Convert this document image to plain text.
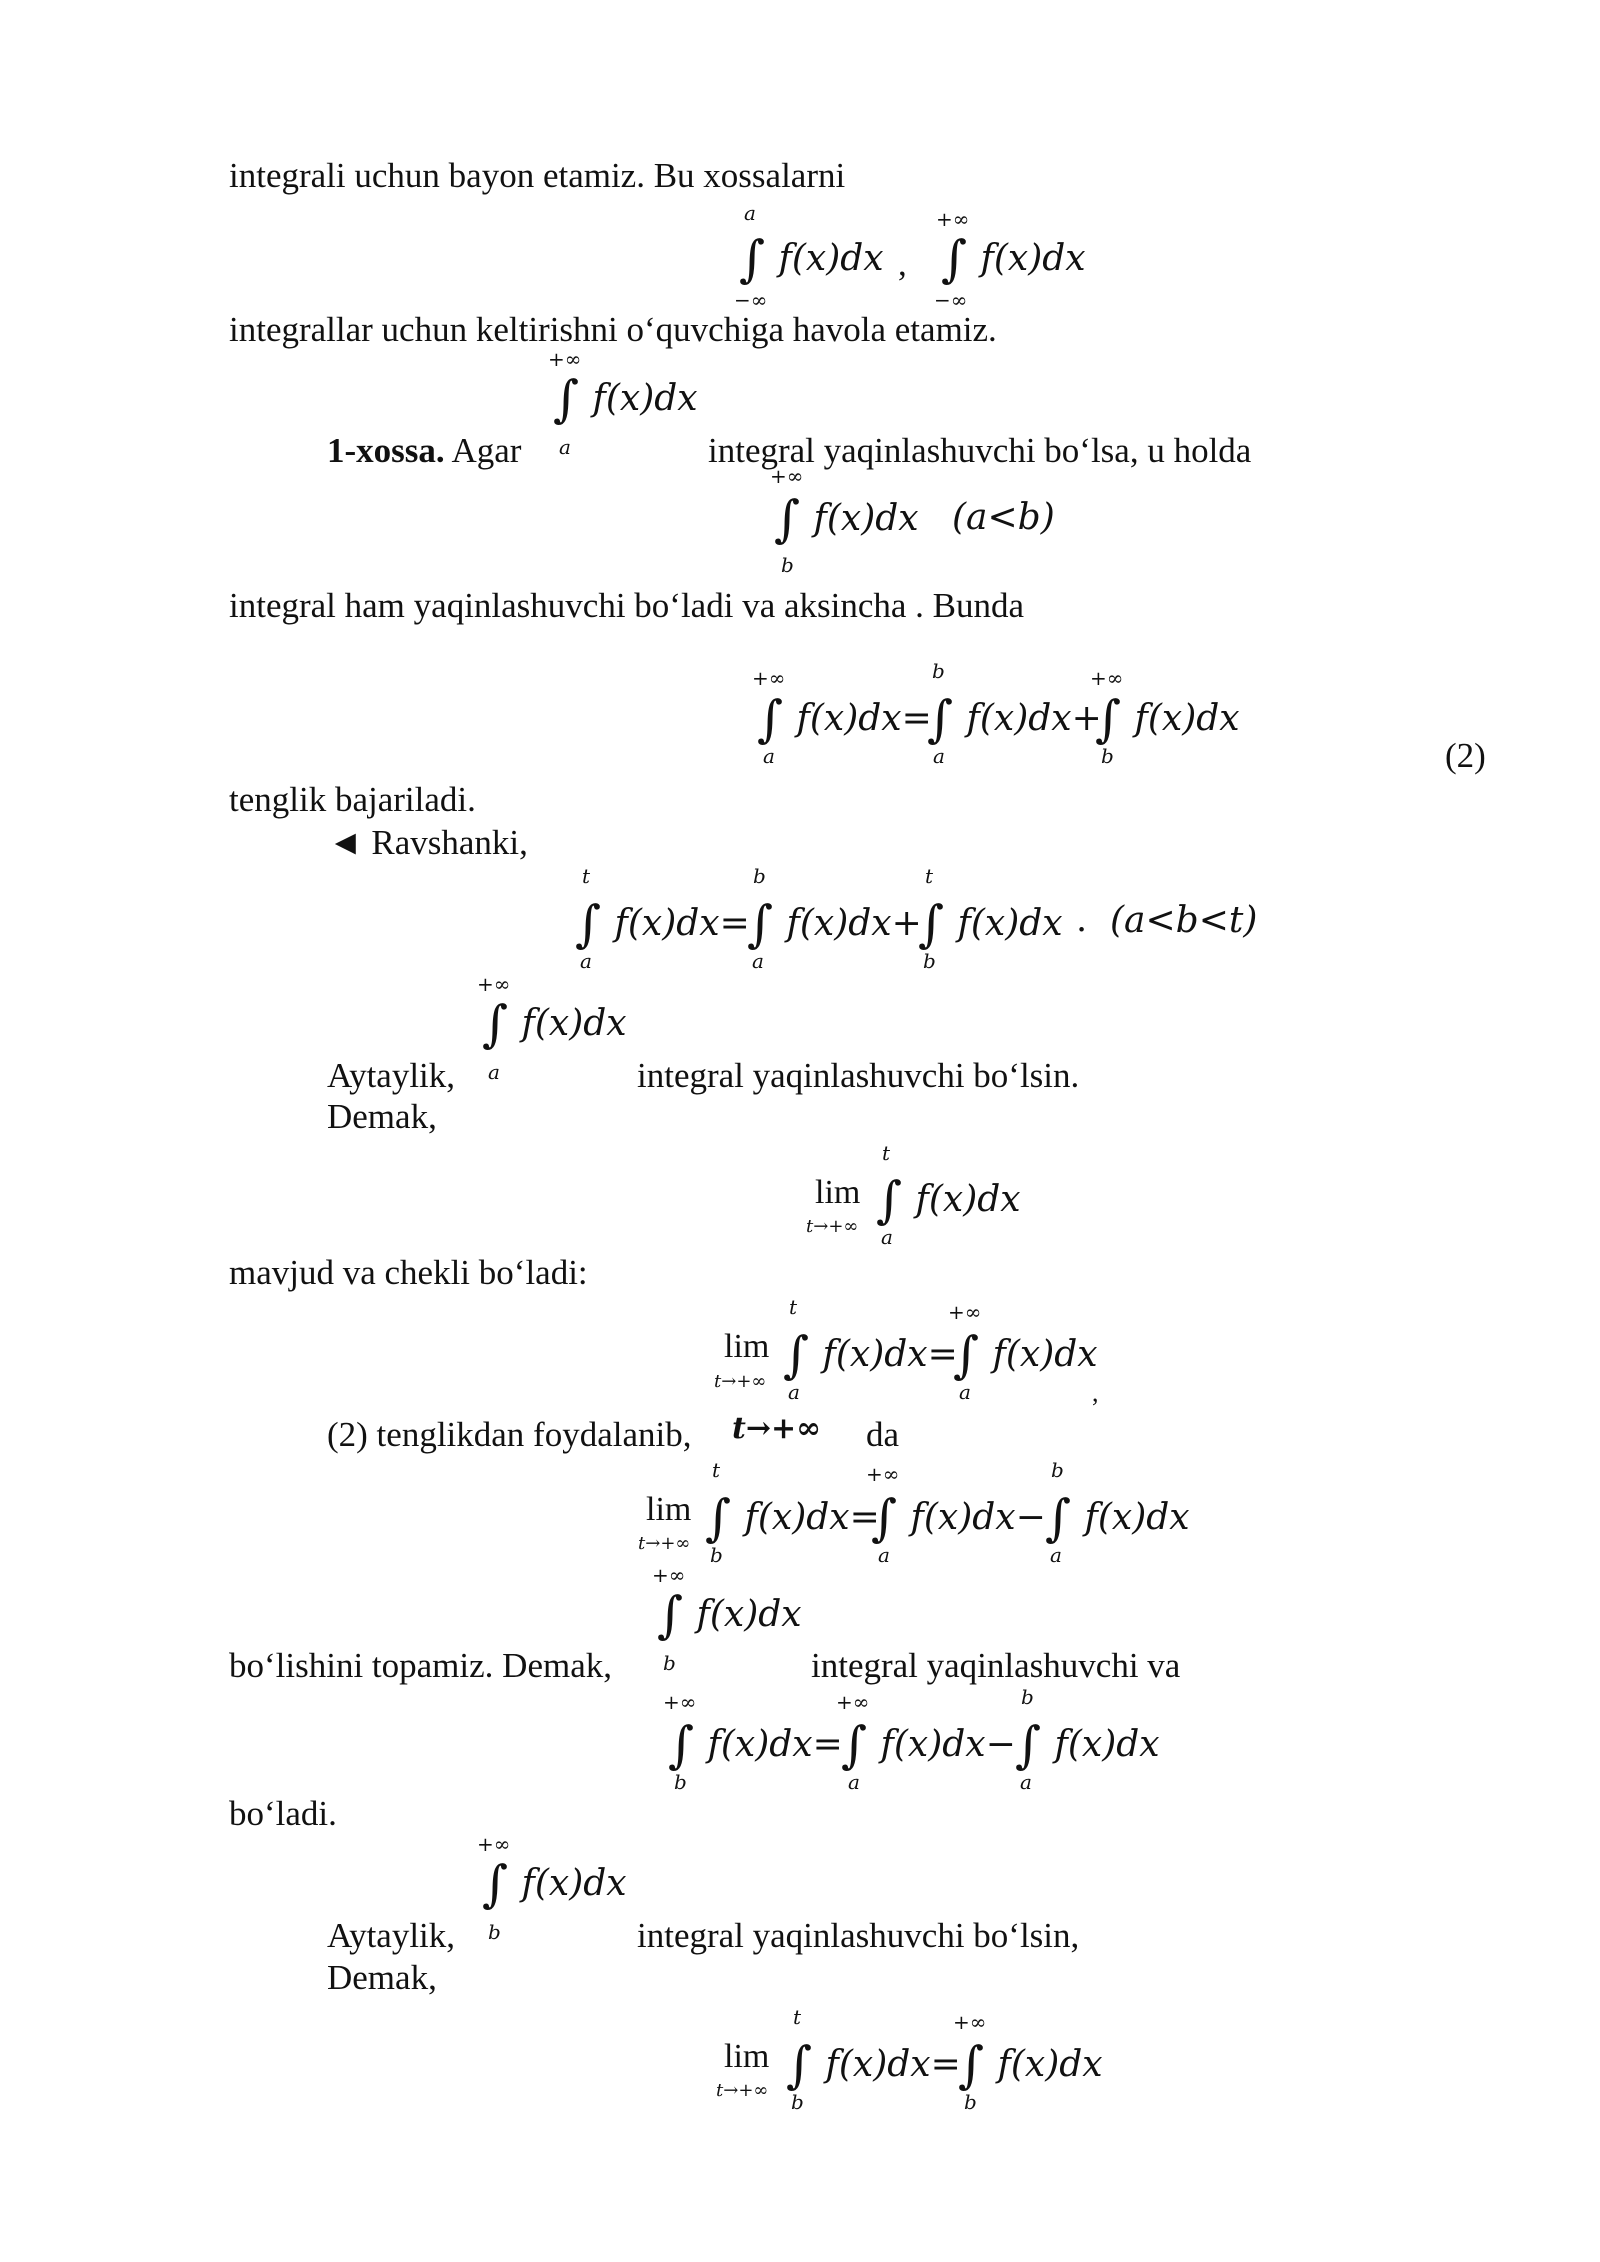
integrali uchun bayon etamiz. Bu xossalarni
a
∫ f(x)dx
−∞
,
+∞
∫ f(x)dx
−∞
integrallar uchun keltirishni o‘quvchiga havola etamiz.
+∞
∫ f(x)dx
a
1-xossa. Agar	integral yaqinlashuvchi bo‘lsa, u holda
+∞
∫ f(x)dx (a<b)
b
integral ham yaqinlashuvchi bo‘ladi va aksincha . Bunda
+∞
∫ f(x)dx=
a
b
∫ f(x)dx+
a
+∞
∫ f(x)dx
b	(2)
tenglik bajariladi.
◄ Ravshanki,
t
∫ f(x)dx=
a
b
∫ f(x)dx+
a
t
∫ f(x)dx . (a<b<t)
b
+∞
∫ f(x)dx
a
Aytaylik,	integral yaqinlashuvchi bo‘lsin.
Demak,
lim
t→+∞
t
∫ f(x)dx
a
mavjud va chekli bo‘ladi:
lim
t→+∞
t
∫ f(x)dx=
a
+∞
∫ f(x)dx
a	,
(2) tenglikdan foydalanib, t→+∞ da
lim
t→+∞
t
∫ f(x)dx=
b
+∞
∫ f(x)dx−
a
b
∫ f(x)dx
a
+∞
∫ f(x)dx
b
bo‘lishini topamiz. Demak,	integral yaqinlashuvchi va
+∞
∫ f(x)dx=
b
+∞
∫ f(x)dx−
a
b
∫ f(x)dx
a
bo‘ladi.
+∞
∫ f(x)dx
b
Aytaylik,	integral yaqinlashuvchi bo‘lsin,
Demak,
lim
t→+∞
t
∫ f(x)dx=
b
+∞
∫ f(x)dx
b
